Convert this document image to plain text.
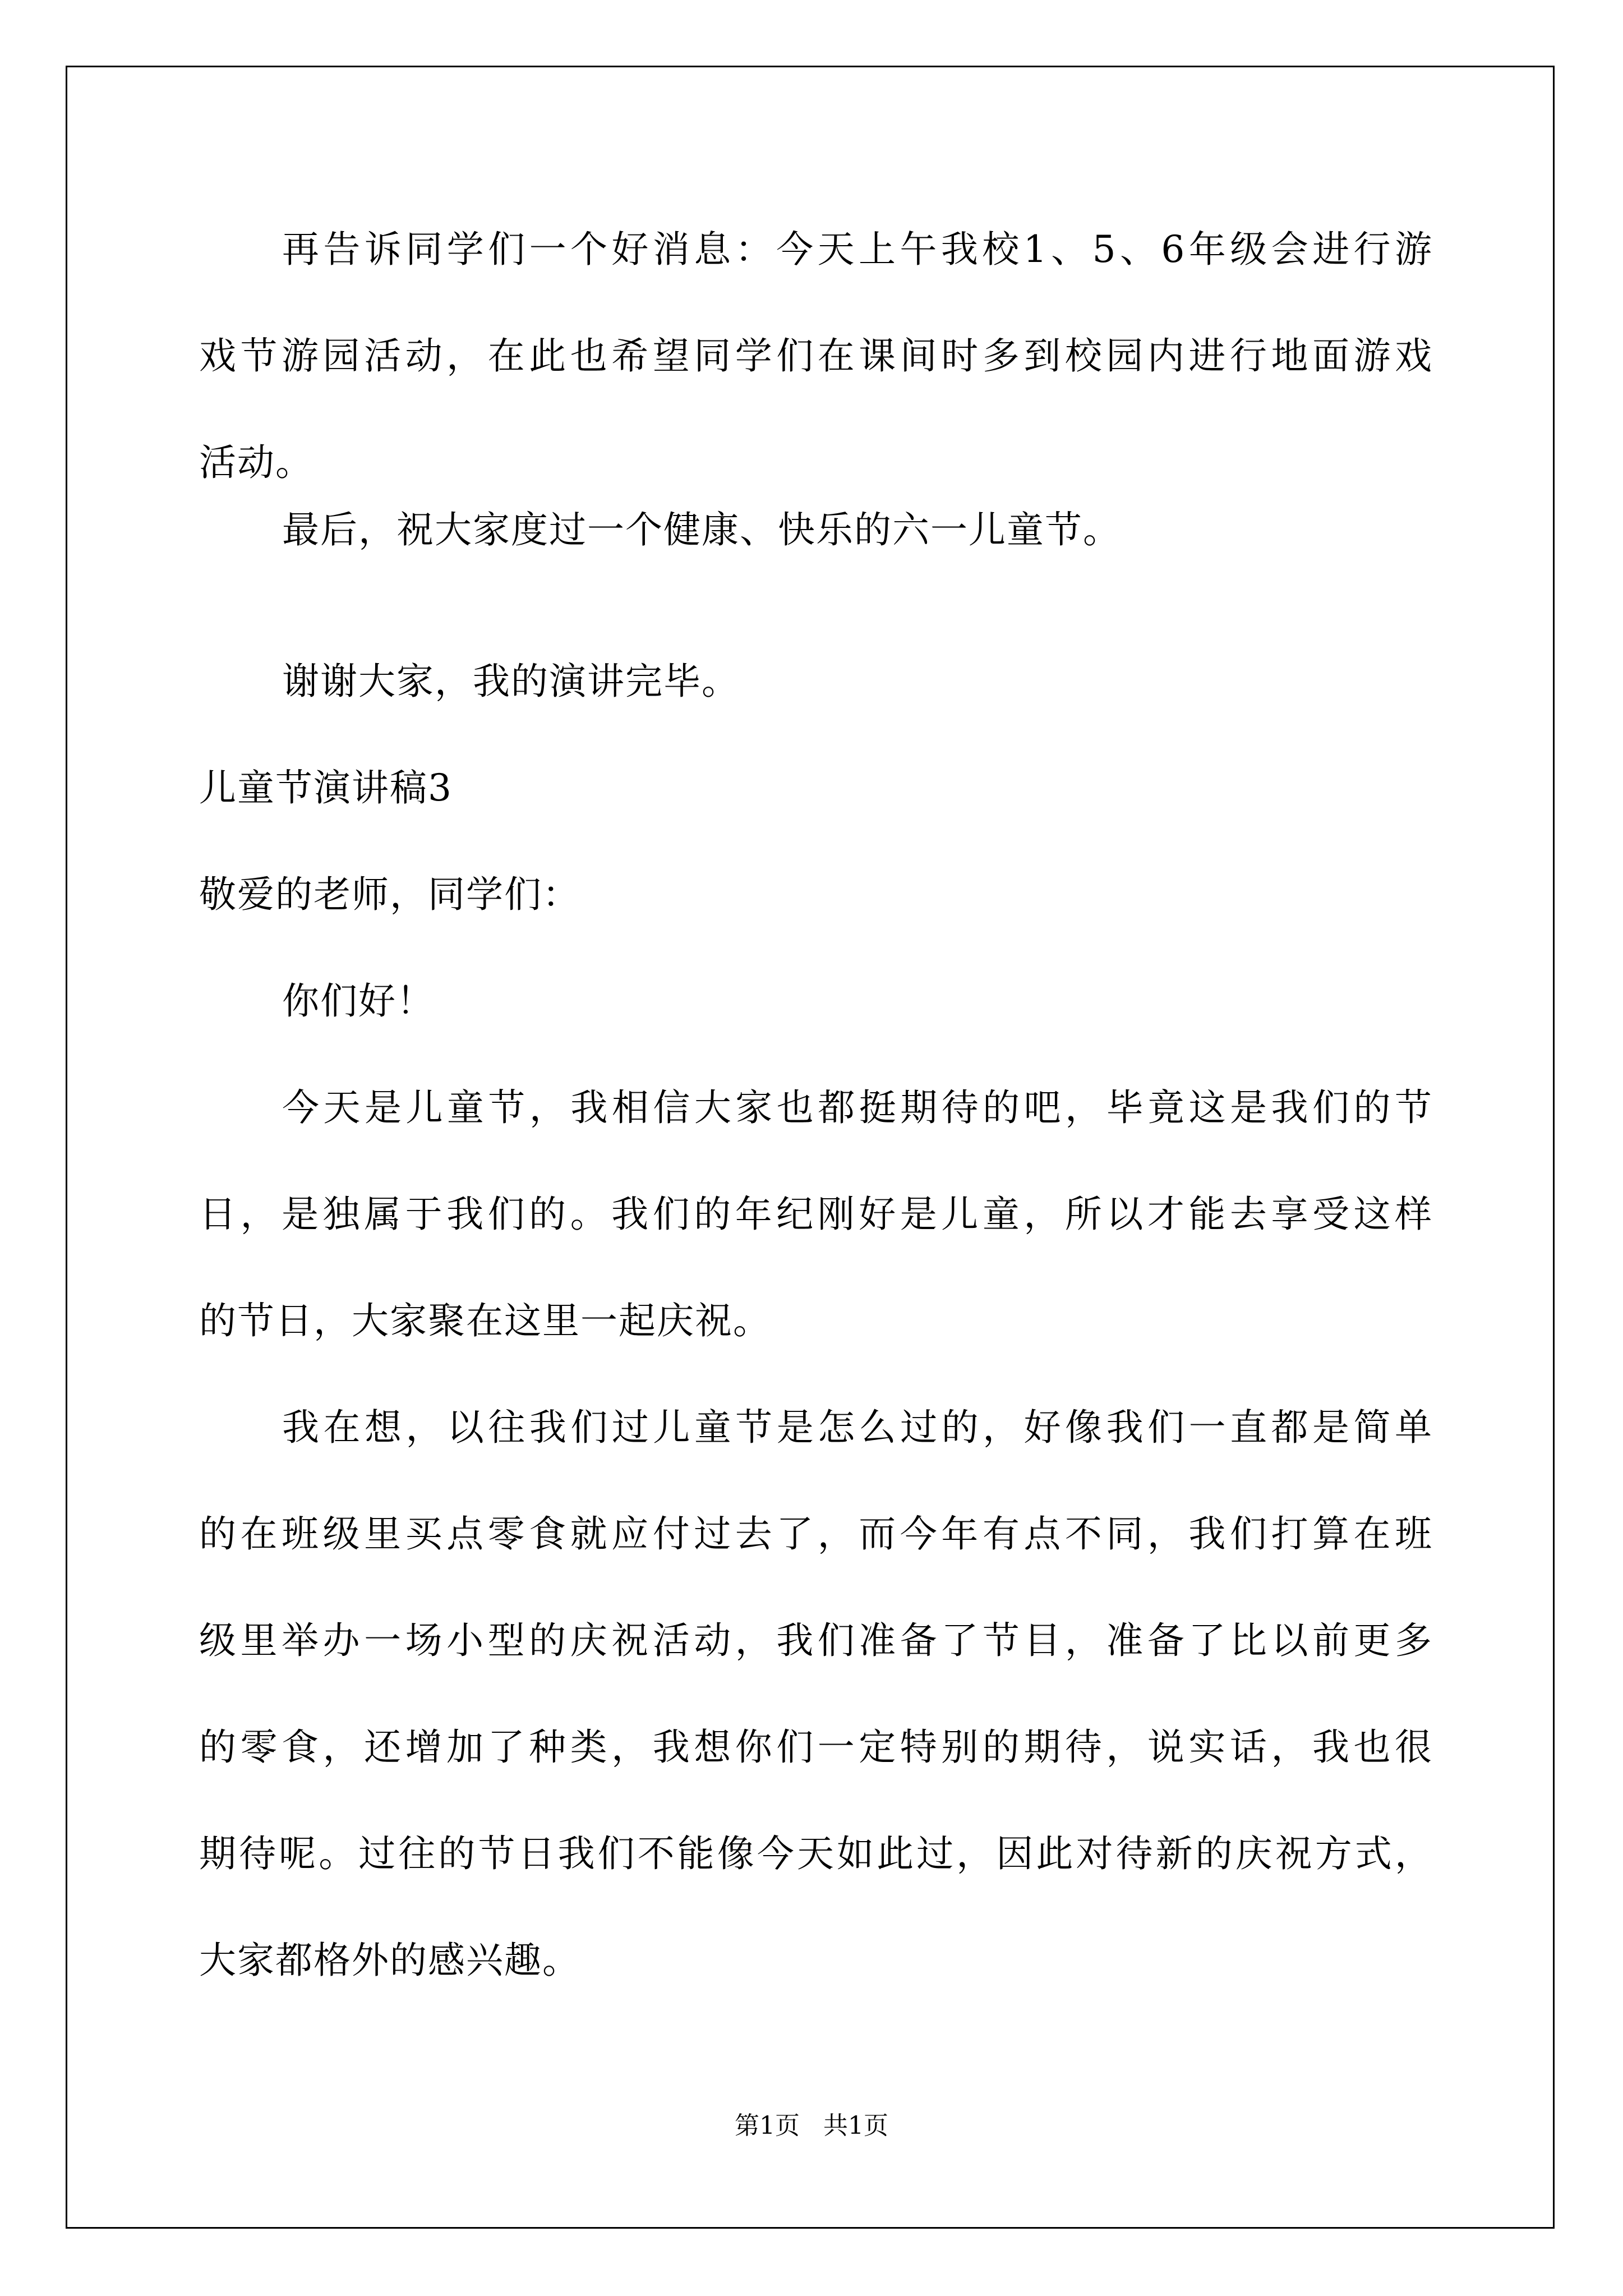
再告诉同学们一个好消息：今天上午我校1、5、6年级会进行游
戏节游园活动，在此也希望同学们在课间时多到校园内进行地面游戏
活动。
最后，祝大家度过一个健康、快乐的六一儿童节。
谢谢大家，我的演讲完毕。
儿童节演讲稿3
敬爱的老师，同学们：
你们好！
今天是儿童节，我相信大家也都挺期待的吧，毕竟这是我们的节
日，是独属于我们的。我们的年纪刚好是儿童，所以才能去享受这样
的节日，大家聚在这里一起庆祝。
我在想，以往我们过儿童节是怎么过的，好像我们一直都是简单
的在班级里买点零食就应付过去了，而今年有点不同，我们打算在班
级里举办一场小型的庆祝活动，我们准备了节目，准备了比以前更多
的零食，还增加了种类，我想你们一定特别的期待，说实话，我也很
期待呢。过往的节日我们不能像今天如此过，因此对待新的庆祝方式，
大家都格外的感兴趣。
第1页   共1页
